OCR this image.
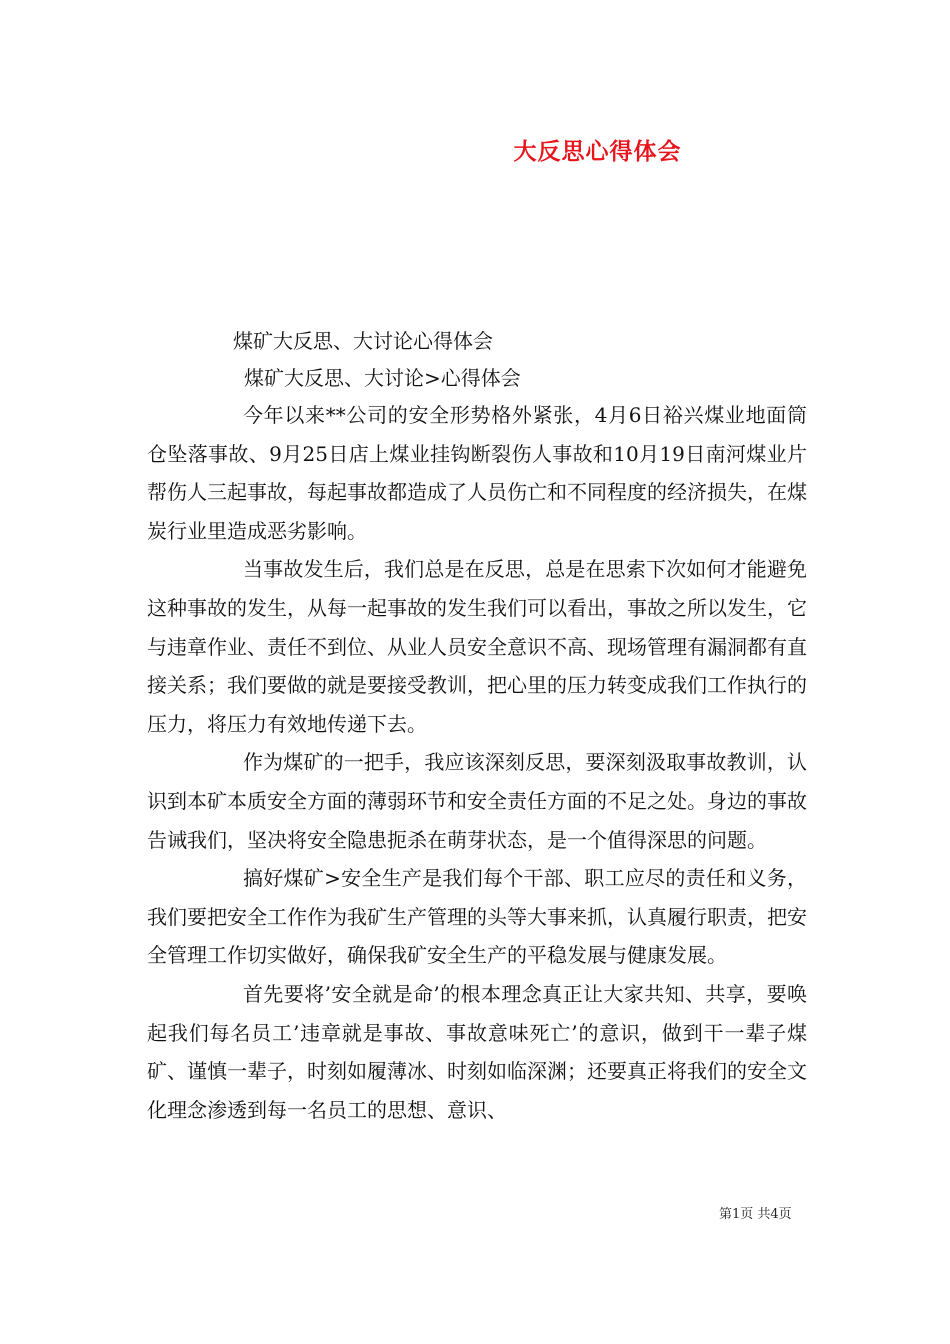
大反思心得体会
煤矿大反思、大讨论心得体会
煤矿大反思、大讨论>心得体会

今年以来**公司的安全形势格外紧张，4月6日裕兴煤业地面筒仓坠落事故、9月25日店上煤业挂钩断裂伤人事故和10月19日南河煤业片帮伤人三起事故，每起事故都造成了人员伤亡和不同程度的经济损失，在煤炭行业里造成恶劣影响。

当事故发生后，我们总是在反思，总是在思索下次如何才能避免这种事故的发生，从每一起事故的发生我们可以看出，事故之所以发生，它与违章作业、责任不到位、从业人员安全意识不高、现场管理有漏洞都有直接关系；我们要做的就是要接受教训，把心里的压力转变成我们工作执行的压力，将压力有效地传递下去。

作为煤矿的一把手，我应该深刻反思，要深刻汲取事故教训，认识到本矿本质安全方面的薄弱环节和安全责任方面的不足之处。身边的事故告诫我们，坚决将安全隐患扼杀在萌芽状态，是一个值得深思的问题。

搞好煤矿>安全生产是我们每个干部、职工应尽的责任和义务，我们要把安全工作作为我矿生产管理的头等大事来抓，认真履行职责，把安全管理工作切实做好，确保我矿安全生产的平稳发展与健康发展。

首先要将’安全就是命’的根本理念真正让大家共知、共享，要唤起我们每名员工’违章就是事故、事故意味死亡’的意识，做到干一辈子煤矿、谨慎一辈子，时刻如履薄冰、时刻如临深渊；还要真正将我们的安全文化理念渗透到每一名员工的思想、意识、

第1页 共4页
